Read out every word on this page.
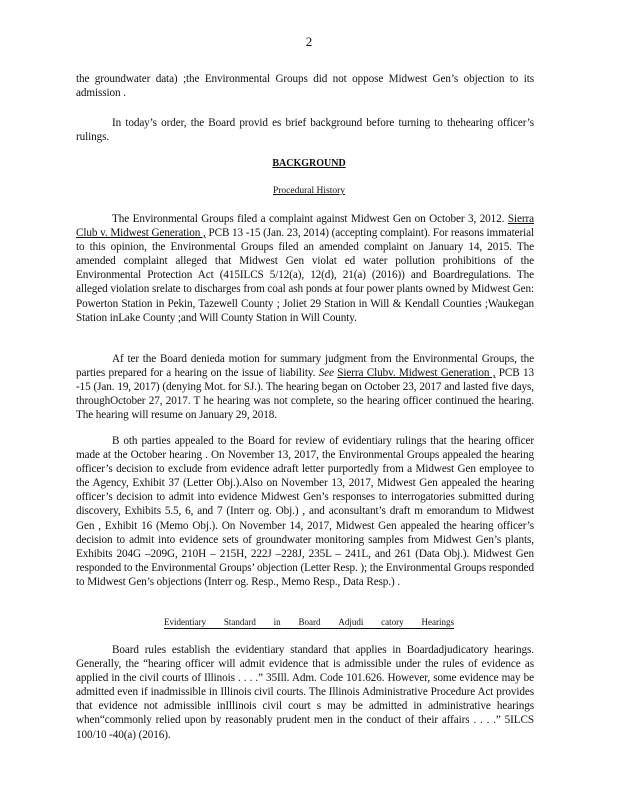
2

the groundwater data) ;the Environmental Groups did not oppose Midwest Gen’s objection to its admission .

In today’s order, the Board provid es brief background before turning to thehearing officer’s rulings.

BACKGROUND
Procedural History

The Environmental Groups filed a complaint against Midwest Gen on October 3, 2012. Sierra Club v. Midwest Generation , PCB 13 -15 (Jan. 23, 2014) (accepting complaint). For reasons immaterial to this opinion, the Environmental Groups filed an amended complaint on January 14, 2015. The amended complaint alleged that Midwest Gen violat ed water pollution prohibitions of the Environmental Protection Act (415ILCS 5/12(a), 12(d), 21(a) (2016)) and Boardregulations. The alleged violation srelate to discharges from coal ash ponds at four power plants owned by Midwest Gen: Powerton Station in Pekin, Tazewell County ; Joliet 29 Station in Will & Kendall Counties ;Waukegan Station inLake County ;and Will County Station in Will County.

Af ter the Board denieda motion for summary judgment from the Environmental Groups, the parties prepared for a hearing on the issue of liability. See Sierra Clubv. Midwest Generation , PCB 13 -15 (Jan. 19, 2017) (denying Mot. for SJ.). The hearing began on October 23, 2017 and lasted five days, throughOctober 27, 2017. T he hearing was not complete, so the hearing officer continued the hearing. The hearing will resume on January 29, 2018.

B oth parties appealed to the Board for review of evidentiary rulings that the hearing officer made at the October hearing . On November 13, 2017, the Environmental Groups appealed the hearing officer’s decision to exclude from evidence adraft letter purportedly from a Midwest Gen employee to the Agency, Exhibit 37 (Letter Obj.).Also on November 13, 2017, Midwest Gen appealed the hearing officer’s decision to admit into evidence Midwest Gen’s responses to interrogatories submitted during discovery, Exhibits 5.5, 6, and 7 (Interr og. Obj.) , and aconsultant’s draft m emorandum to Midwest Gen , Exhibit 16 (Memo Obj.). On November 14, 2017, Midwest Gen appealed the hearing officer’s decision to admit into evidence sets of groundwater monitoring samples from Midwest Gen’s plants, Exhibits 204G –209G, 210H – 215H, 222J –228J, 235L – 241L, and 261 (Data Obj.). Midwest Gen responded to the Environmental Groups’ objection (Letter Resp. ); the Environmental Groups responded to Midwest Gen’s objections (Interr og. Resp., Memo Resp., Data Resp.) .

Evidentiary Standard in Board Adjudi catory Hearings

Board rules establish the evidentiary standard that applies in Boardadjudicatory hearings. Generally, the “hearing officer will admit evidence that is admissible under the rules of evidence as applied in the civil courts of Illinois . . . .” 35Ill. Adm. Code 101.626. However, some evidence may be admitted even if inadmissible in Illinois civil courts. The Illinois Administrative Procedure Act provides that evidence not admissible inIllinois civil court s may be admitted in administrative hearings when“commonly relied upon by reasonably prudent men in the conduct of their affairs . . . .” 5ILCS 100/10 -40(a) (2016).
